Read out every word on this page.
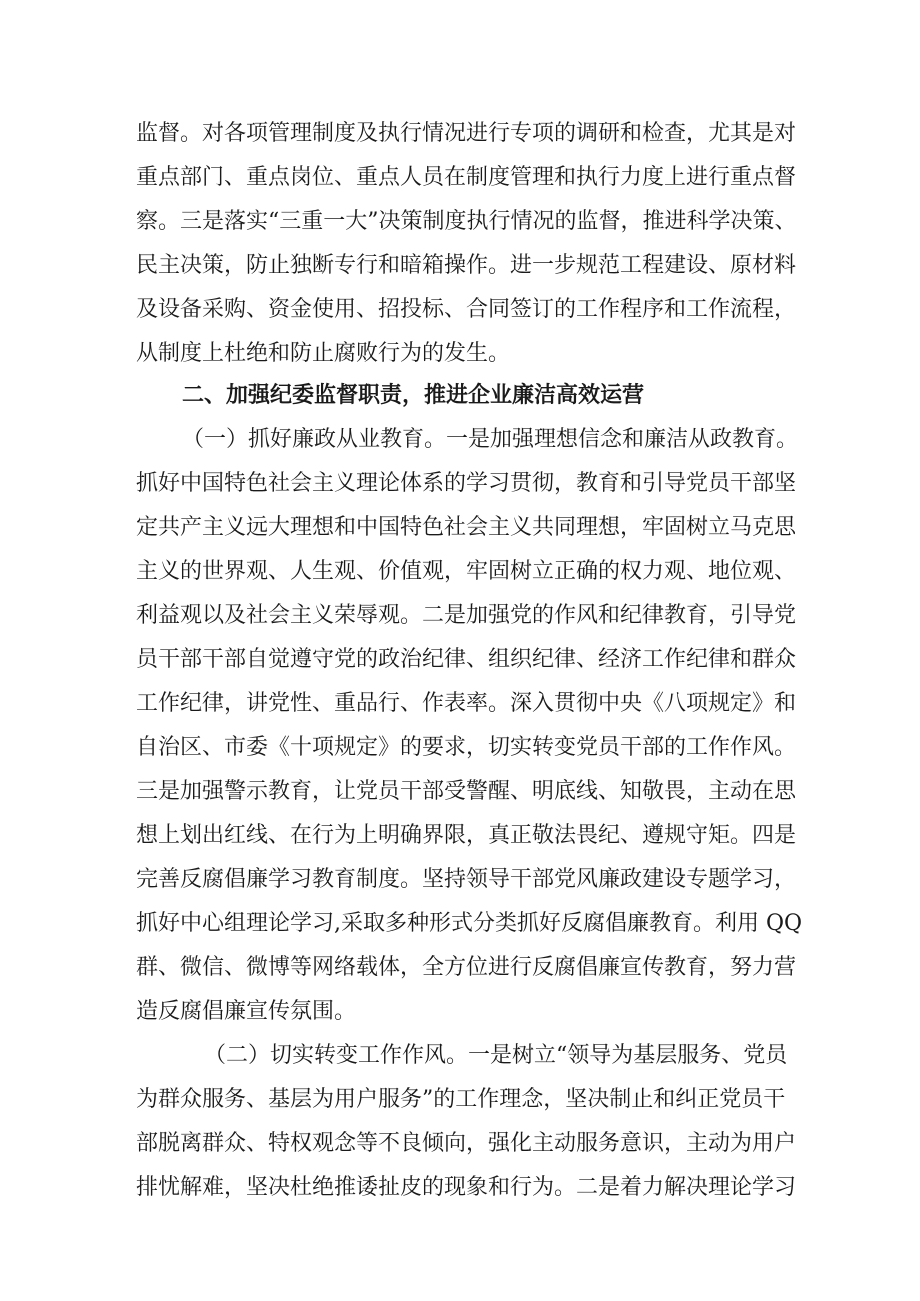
监督。对各项管理制度及执行情况进行专项的调研和检查，尤其是对
重点部门、重点岗位、重点人员在制度管理和执行力度上进行重点督
察。三是落实“三重一大”决策制度执行情况的监督，推进科学决策、
民主决策，防止独断专行和暗箱操作。进一步规范工程建设、原材料
及设备采购、资金使用、招投标、合同签订的工作程序和工作流程，
从制度上杜绝和防止腐败行为的发生。
二、加强纪委监督职责，推进企业廉洁高效运营
（一）抓好廉政从业教育。一是加强理想信念和廉洁从政教育。
抓好中国特色社会主义理论体系的学习贯彻，教育和引导党员干部坚
定共产主义远大理想和中国特色社会主义共同理想，牢固树立马克思
主义的世界观、人生观、价值观，牢固树立正确的权力观、地位观、
利益观以及社会主义荣辱观。二是加强党的作风和纪律教育，引导党
员干部干部自觉遵守党的政治纪律、组织纪律、经济工作纪律和群众
工作纪律，讲党性、重品行、作表率。深入贯彻中央《八项规定》和
自治区、市委《十项规定》的要求，切实转变党员干部的工作作风。
三是加强警示教育，让党员干部受警醒、明底线、知敬畏，主动在思
想上划出红线、在行为上明确界限，真正敬法畏纪、遵规守矩。四是
完善反腐倡廉学习教育制度。坚持领导干部党风廉政建设专题学习，
抓好中心组理论学习,采取多种形式分类抓好反腐倡廉教育。利用 QQ
群、微信、微博等网络载体，全方位进行反腐倡廉宣传教育，努力营
造反腐倡廉宣传氛围。
（二）切实转变工作作风。一是树立“领导为基层服务、党员
为群众服务、基层为用户服务”的工作理念，坚决制止和纠正党员干
部脱离群众、特权观念等不良倾向，强化主动服务意识，主动为用户
排忧解难，坚决杜绝推诿扯皮的现象和行为。二是着力解决理论学习
